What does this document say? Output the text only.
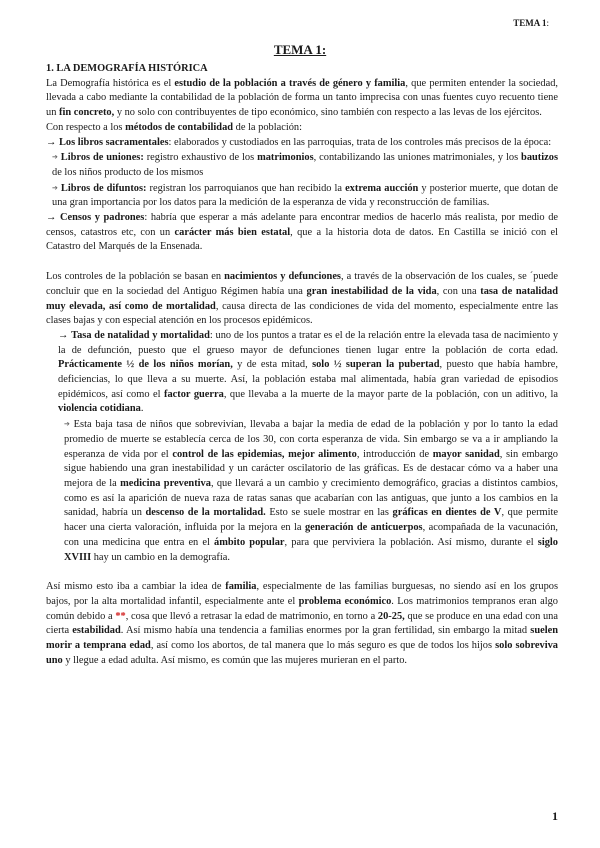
TEMA 1:
TEMA 1:

1. LA DEMOGRAFÍA HISTÓRICA

La Demografía histórica es el estudio de la población a través de género y familia, que permiten entender la sociedad, llevada a cabo mediante la contabilidad de la población de forma un tanto imprecisa con unas fuentes cuyo recuento tiene un fin concreto, y no solo con contribuyentes de tipo económico, sino también con respecto a las levas de los ejércitos.

Con respecto a los métodos de contabilidad de la población:

→ Los libros sacramentales: elaborados y custodiados en las parroquias, trata de los controles más precisos de la época:

➔ Libros de uniones: registro exhaustivo de los matrimonios, contabilizando las uniones matrimoniales, y los bautizos de los niños producto de los mismos

➔ Libros de difuntos: registran los parroquianos que han recibido la extrema aucción y posterior muerte, que dotan de una gran importancia por los datos para la medición de la esperanza de vida y reconstrucción de familias.

→ Censos y padrones: habría que esperar a más adelante para encontrar medios de hacerlo más realista, por medio de censos, catastros etc, con un carácter más bien estatal, que a la historia dota de datos. En Castilla se inició con el Catastro del Marqués de la Ensenada.

Los controles de la población se basan en nacimientos y defunciones, a través de la observación de los cuales, se ´puede concluir que en la sociedad del Antiguo Régimen había una gran inestabilidad de la vida, con una tasa de natalidad muy elevada, así como de mortalidad, causa directa de las condiciones de vida del momento, especialmente entre las clases bajas y con especial atención en los procesos epidémicos.

→ Tasa de natalidad y mortalidad: uno de los puntos a tratar es el de la relación entre la elevada tasa de nacimiento y la de defunción, puesto que el grueso mayor de defunciones tienen lugar entre la población de corta edad. Prácticamente ½ de los niños morían, y de esta mitad, solo ½ superan la pubertad, puesto que había hambre, deficiencias, lo que lleva a su muerte. Así, la población estaba mal alimentada, había gran variedad de episodios epidémicos, así como el factor guerra, que llevaba a la muerte de la mayor parte de la población, con un aditivo, la violencia cotidiana.

➔ Esta baja tasa de niños que sobrevivían, llevaba a bajar la media de edad de la población y por lo tanto la edad promedio de muerte se establecía cerca de los 30, con corta esperanza de vida. Sin embargo se va a ir ampliando la esperanza de vida por el control de las epidemias, mejor alimento, introducción de mayor sanidad, sin embargo sigue habiendo una gran inestabilidad y un carácter oscilatorio de las gráficas. Es de destacar cómo va a haber una mejora de la medicina preventiva, que llevará a un cambio y crecimiento demográfico, gracias a distintos cambios, como es así la aparición de nueva raza de ratas sanas que acabarían con las antiguas, que junto a los cambios en la sanidad, habría un descenso de la mortalidad. Esto se suele mostrar en las gráficas en dientes de V, que permite hacer una cierta valoración, influida por la mejora en la generación de anticuerpos, acompañada de la vacunación, con una medicina que entra en el ámbito popular, para que perviviera la población. Así mismo, durante el siglo XVIII hay un cambio en la demografía.

Así mismo esto iba a cambiar la idea de familia, especialmente de las familias burguesas, no siendo así en los grupos bajos, por la alta mortalidad infantil, especialmente ante el problema económico. Los matrimonios tempranos eran algo común debido a **, cosa que llevó a retrasar la edad de matrimonio, en torno a 20-25, que se produce en una edad con una cierta estabilidad. Así mismo había una tendencia a familias enormes por la gran fertilidad, sin embargo la mitad suelen morir a temprana edad, así como los abortos, de tal manera que lo más seguro es que de todos los hijos solo sobreviva uno y llegue a edad adulta. Así mismo, es común que las mujeres murieran en el parto.

1
